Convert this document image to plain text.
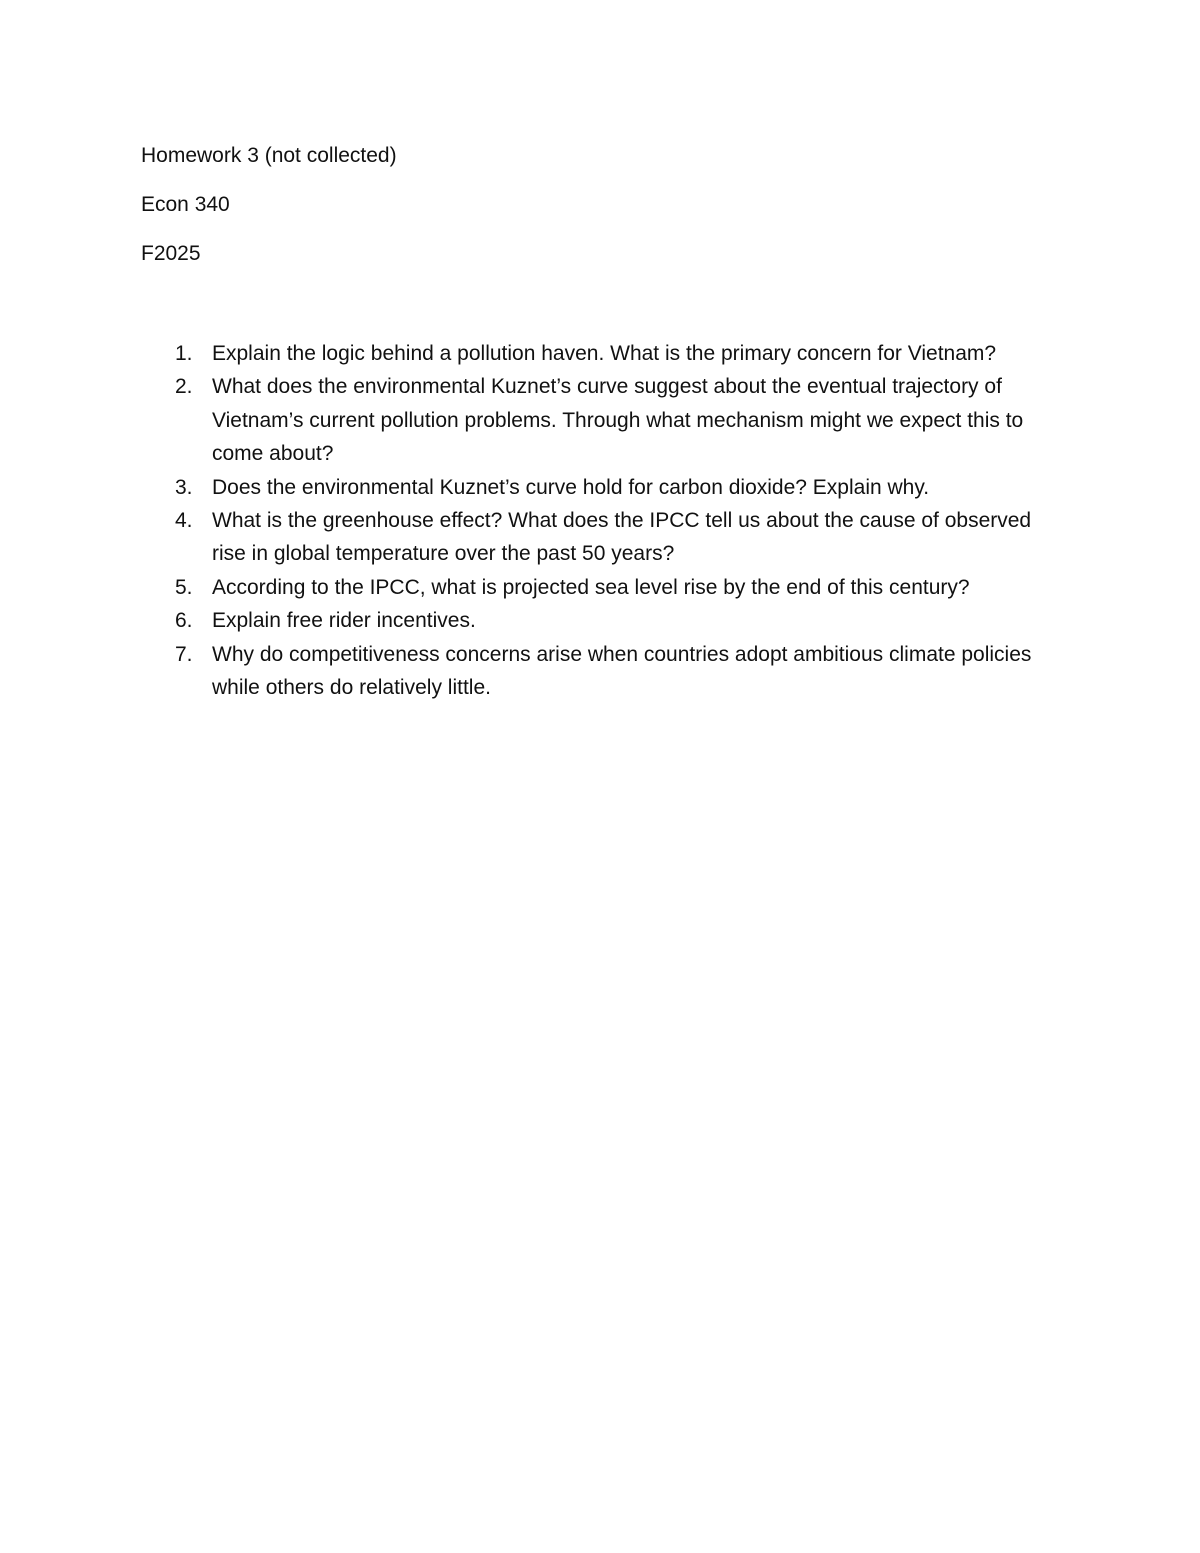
Homework 3 (not collected)
Econ 340
F2025
1. Explain the logic behind a pollution haven. What is the primary concern for Vietnam?
2. What does the environmental Kuznet’s curve suggest about the eventual trajectory of Vietnam’s current pollution problems. Through what mechanism might we expect this to come about?
3. Does the environmental Kuznet’s curve hold for carbon dioxide? Explain why.
4. What is the greenhouse effect? What does the IPCC tell us about the cause of observed rise in global temperature over the past 50 years?
5. According to the IPCC, what is projected sea level rise by the end of this century?
6. Explain free rider incentives.
7. Why do competitiveness concerns arise when countries adopt ambitious climate policies while others do relatively little.
